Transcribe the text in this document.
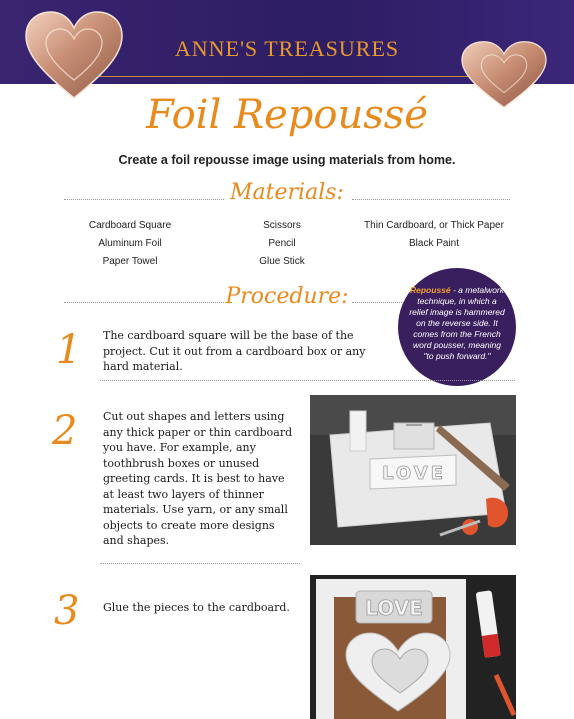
ANNE'S TREASURES
Foil Repoussé
Create a foil repousse image using materials from home.
Materials:
Cardboard Square	Scissors	Thin Cardboard, or Thick Paper
Aluminum Foil	Pencil	Black Paint
Paper Towel	Glue Stick
Procedure:	Repoussé - a metalwork technique, in which a relief image is hammered on the reverse side. It comes from the French word pousser, meaning "to push forward."
1 The cardboard square will be the base of the project. Cut it out from a cardboard box or any hard material.
2 Cut out shapes and letters using any thick paper or thin cardboard you have. For example, any toothbrush boxes or unused greeting cards. It is best to have at least two layers of thinner materials. Use yarn, or any small objects to create more designs and shapes.
LOVE
3 Glue the pieces to the cardboard.	LOVE
